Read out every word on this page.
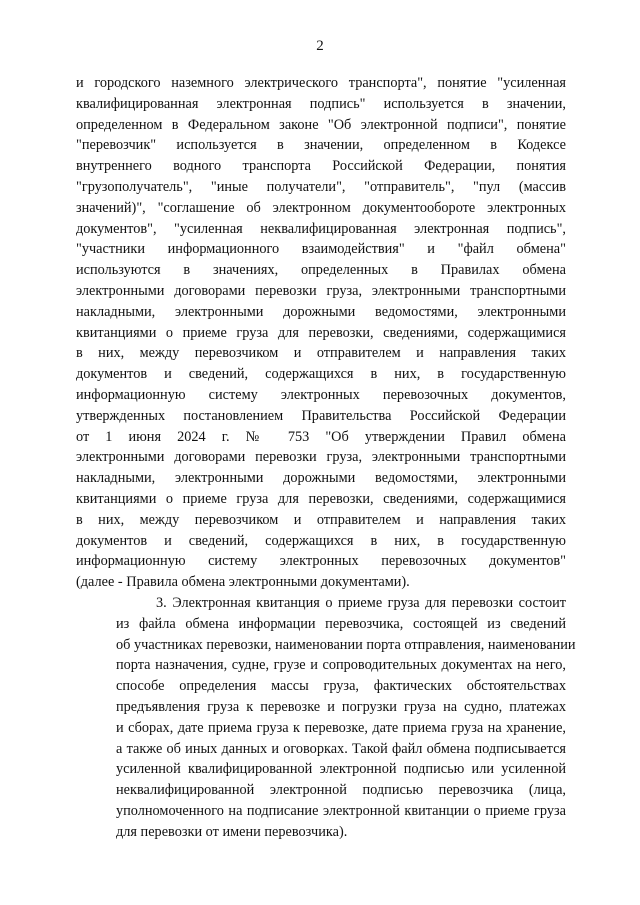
2
и городского наземного электрического транспорта", понятие "усиленная
квалифицированная электронная подпись" используется в значении,
определенном в Федеральном законе "Об электронной подписи", понятие
"перевозчик" используется в значении, определенном в Кодексе
внутреннего водного транспорта Российской Федерации, понятия
"грузополучатель", "иные получатели", "отправитель", "пул (массив
значений)", "соглашение об электронном документообороте электронных
документов", "усиленная неквалифицированная электронная подпись",
"участники информационного взаимодействия" и "файл обмена"
используются в значениях, определенных в Правилах обмена
электронными договорами перевозки груза, электронными транспортными
накладными, электронными дорожными ведомостями, электронными
квитанциями о приеме груза для перевозки, сведениями, содержащимися
в них, между перевозчиком и отправителем и направления таких
документов и сведений, содержащихся в них, в государственную
информационную систему электронных перевозочных документов,
утвержденных постановлением Правительства Российской Федерации
от 1 июня 2024 г. № 753 "Об утверждении Правил обмена
электронными договорами перевозки груза, электронными транспортными
накладными, электронными дорожными ведомостями, электронными
квитанциями о приеме груза для перевозки, сведениями, содержащимися
в них, между перевозчиком и отправителем и направления таких
документов и сведений, содержащихся в них, в государственную
информационную систему электронных перевозочных документов"
(далее - Правила обмена электронными документами).
3. Электронная квитанция о приеме груза для перевозки состоит
из файла обмена информации перевозчика, состоящей из сведений
об участниках перевозки, наименовании порта отправления, наименовании
порта назначения, судне, грузе и сопроводительных документах на него,
способе определения массы груза, фактических обстоятельствах
предъявления груза к перевозке и погрузки груза на судно, платежах
и сборах, дате приема груза к перевозке, дате приема груза на хранение,
а также об иных данных и оговорках. Такой файл обмена подписывается
усиленной квалифицированной электронной подписью или усиленной
неквалифицированной электронной подписью перевозчика (лица,
уполномоченного на подписание электронной квитанции о приеме груза
для перевозки от имени перевозчика).
